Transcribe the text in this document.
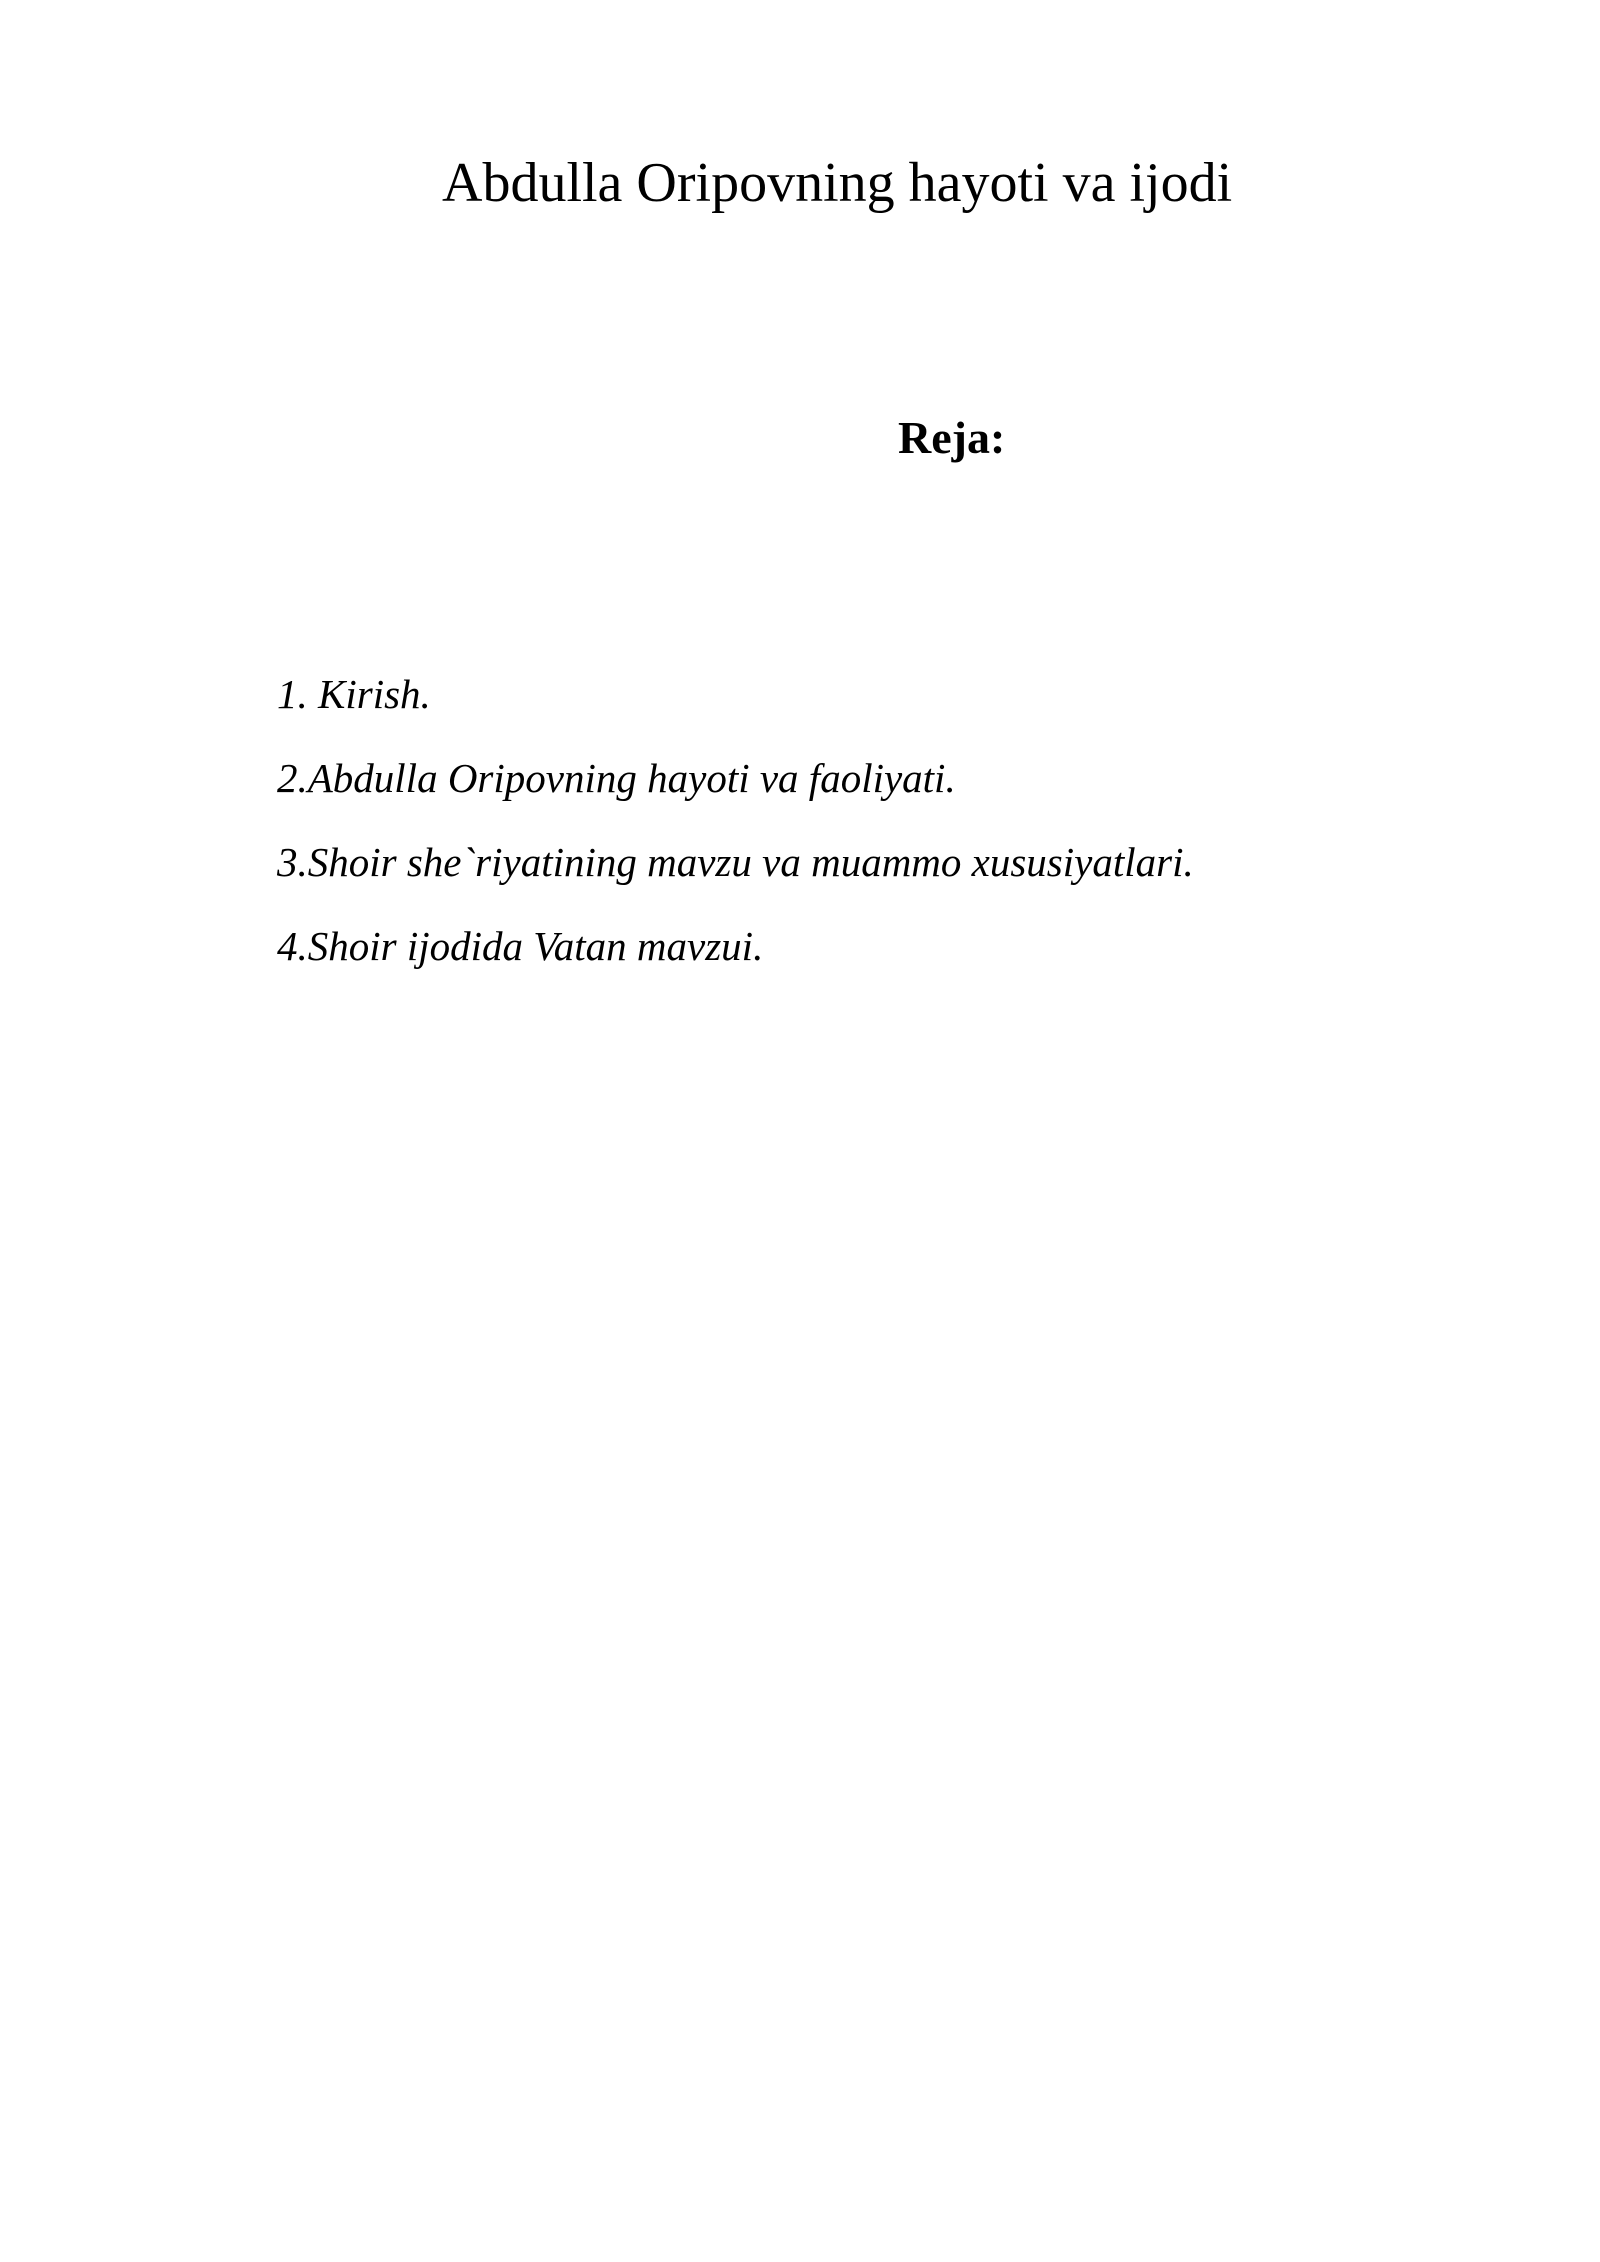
Abdulla Oripovning hayoti va ijodi
Reja:
1. Kirish.
2.Abdulla Oripovning hayoti va faoliyati.
3.Shoir she`riyatining mavzu va muammo xususiyatlari.
4.Shoir ijodida Vatan mavzui.
